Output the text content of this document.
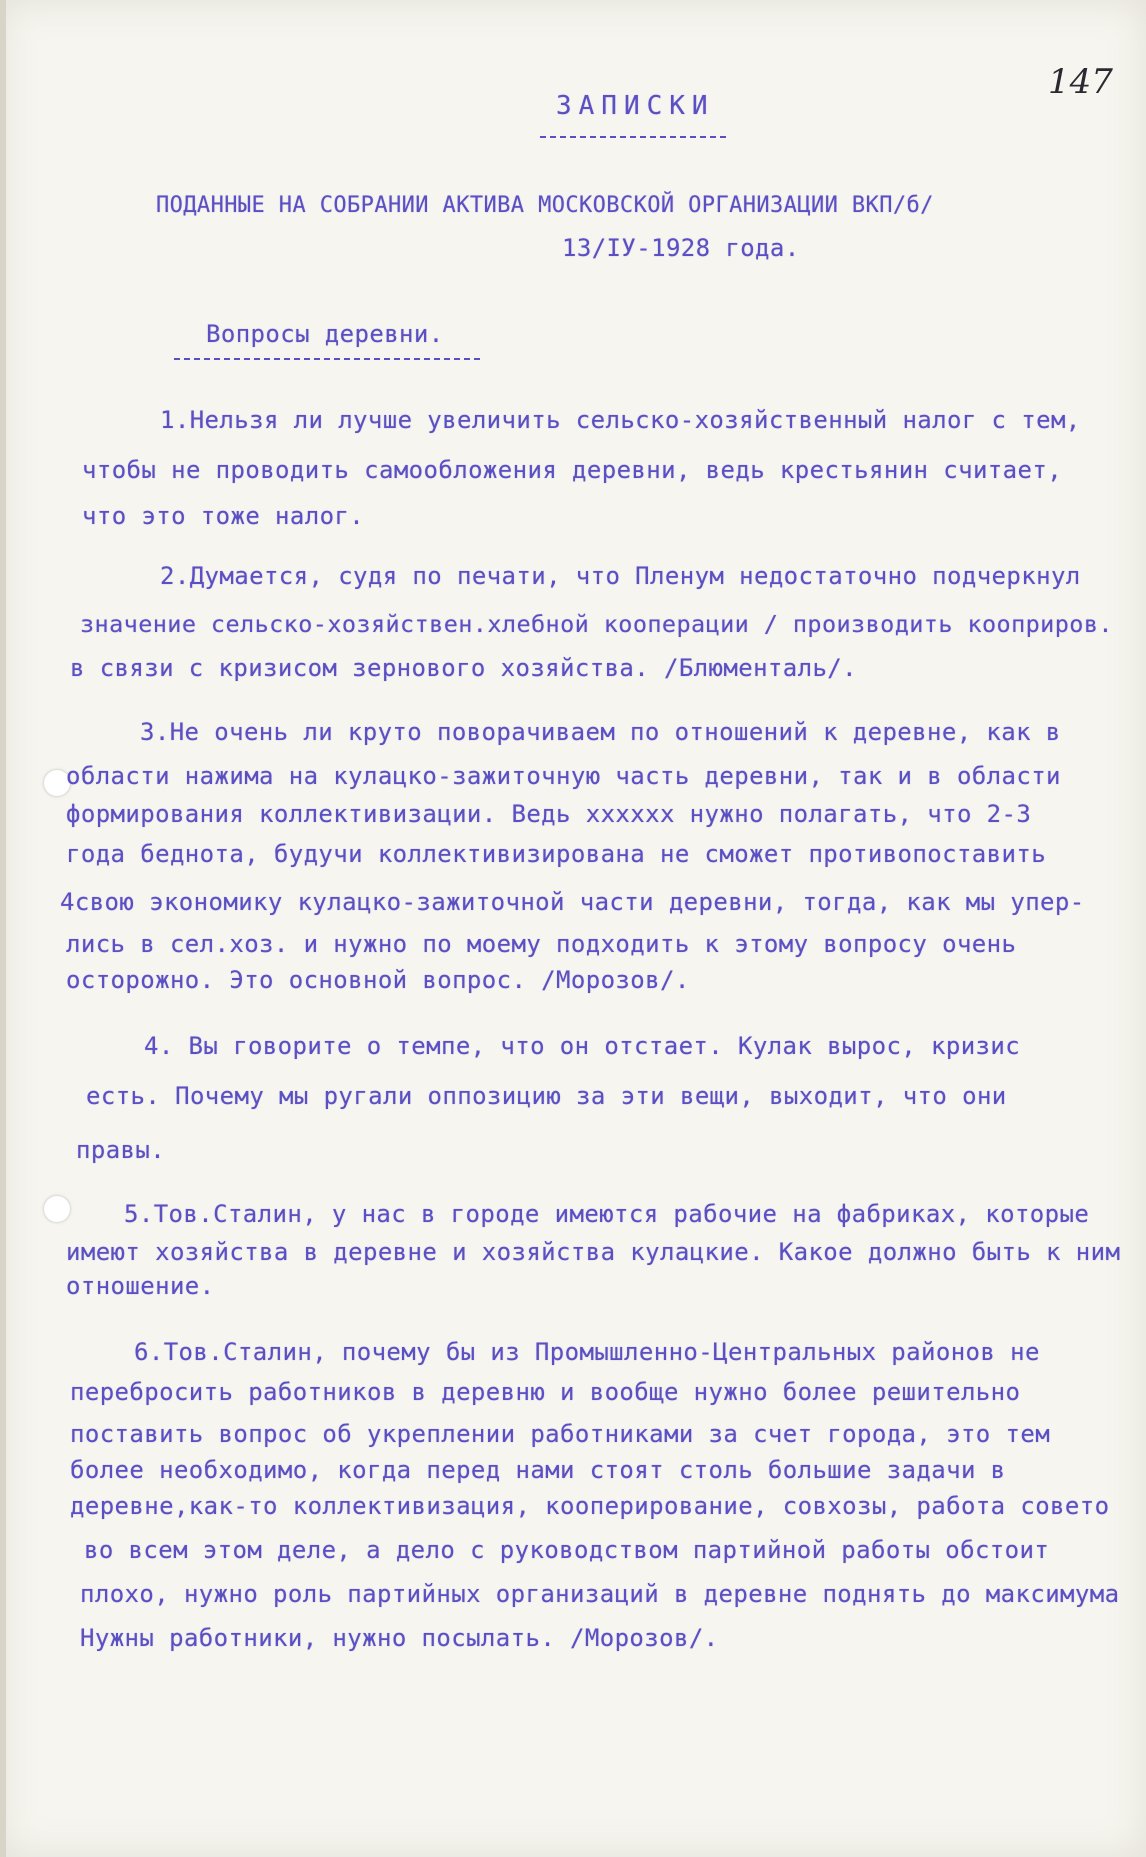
147
ЗАПИСКИ
ПОДАННЫЕ НА СОБРАНИИ АКТИВА МОСКОВСКОЙ ОРГАНИЗАЦИИ ВКП/б/
13/IУ-1928 года.
Вопросы деревни.
1.Нельзя ли лучше увеличить сельско-хозяйственный налог с тем,
чтобы не проводить самообложения деревни, ведь крестьянин считает,
что это тоже налог.
2.Думается, судя по печати, что Пленум недостаточно подчеркнул
значение сельско-хозяйствен.хлебной кооперации / производить кооприров.
в связи с кризисом зернового хозяйства. /Блюменталь/.
3.Не очень ли круто поворачиваем по отношений к деревне, как в
области нажима на кулацко-зажиточную часть деревни, так и в области
формирования коллективизации. Ведь хххххх нужно полагать, что 2-3
года беднота, будучи коллективизирована не сможет противопоставить
4свою экономику кулацко-зажиточной части деревни, тогда, как мы упер-
лись в сел.хоз. и нужно по моему подходить к этому вопросу очень
осторожно. Это основной вопрос. /Морозов/.
4. Вы говорите о темпе, что он отстает. Кулак вырос, кризис
есть. Почему мы ругали оппозицию за эти вещи, выходит, что они
правы.
5.Тов.Сталин, у нас в городе имеются рабочие на фабриках, которые
имеют хозяйства в деревне и хозяйства кулацкие. Какое должно быть к ним
отношение.
6.Тов.Сталин, почему бы из Промышленно-Центральных районов не
перебросить работников в деревню и вообще нужно более решительно
поставить вопрос об укреплении работниками за счет города, это тем
более необходимо, когда перед нами стоят столь большие задачи в
деревне,как-то коллективизация, кооперирование, совхозы, работа совето
во всем этом деле, а дело с руководством партийной работы обстоит
плохо, нужно роль партийных организаций в деревне поднять до максимума
Нужны работники, нужно посылать. /Морозов/.
